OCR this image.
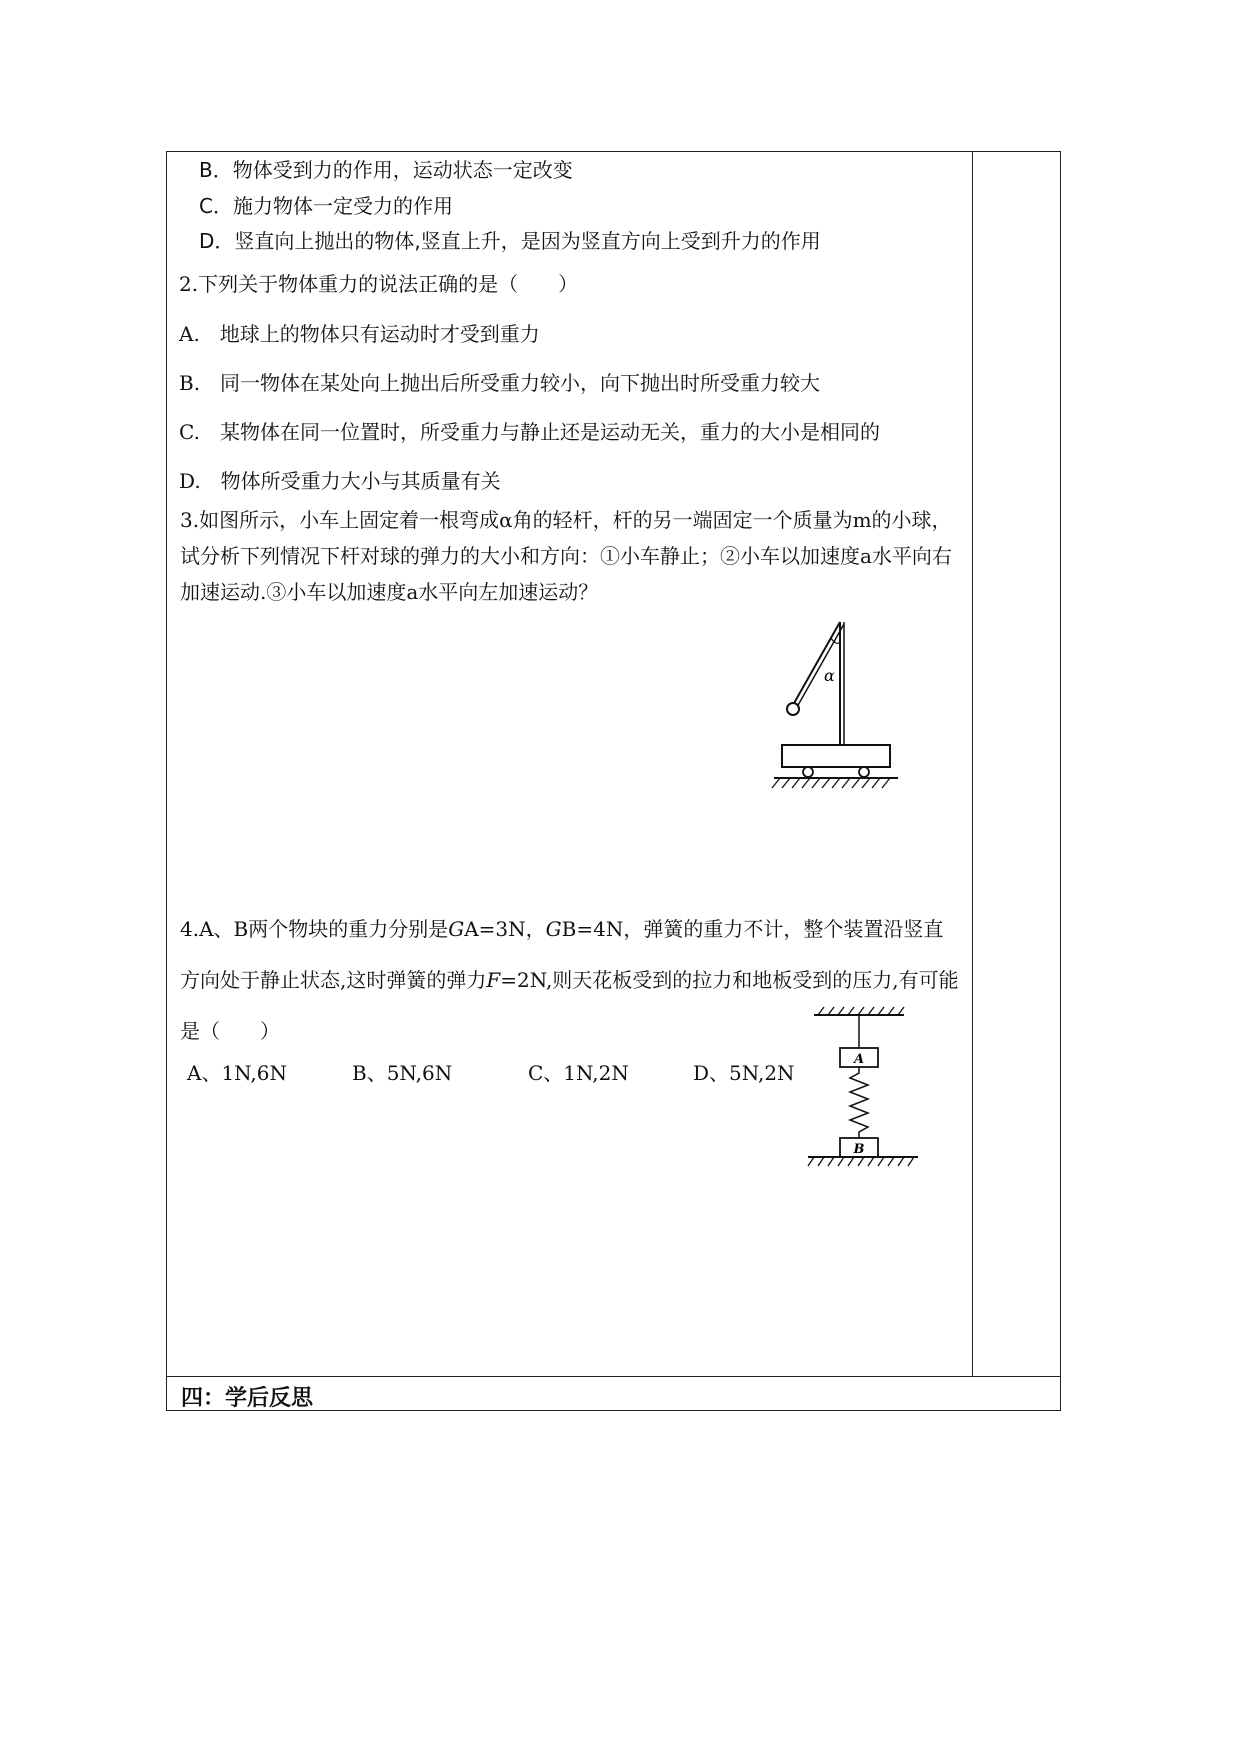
B．物体受到力的作用，运动状态一定改变
C．施力物体一定受力的作用
D．竖直向上抛出的物体,竖直上升，是因为竖直方向上受到升力的作用
2.下列关于物体重力的说法正确的是（　　）
A.　地球上的物体只有运动时才受到重力
B.　同一物体在某处向上抛出后所受重力较小，向下抛出时所受重力较大
C.　某物体在同一位置时，所受重力与静止还是运动无关，重力的大小是相同的
D.　物体所受重力大小与其质量有关
3.如图所示，小车上固定着一根弯成α角的轻杆，杆的另一端固定一个质量为m的小球，试分析下列情况下杆对球的弹力的大小和方向：①小车静止；②小车以加速度a水平向右加速运动.③小车以加速度a水平向左加速运动？
α
4.A、B两个物块的重力分别是GA=3N，GB=4N，弹簧的重力不计，整个装置沿竖直方向处于静止状态,这时弹簧的弹力F=2N,则天花板受到的拉力和地板受到的压力,有可能是（　　）
A、1N,6N	B、5N,6N	C、1N,2N	D、5N,2N
A
B
四：学后反思
